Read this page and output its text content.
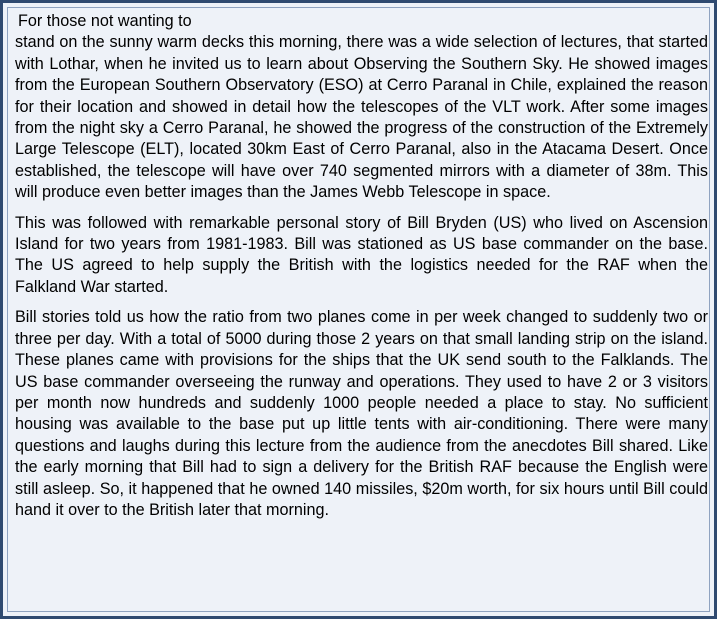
For those not wanting to

stand on the sunny warm decks this morning, there was a wide selection of lectures, that started with Lothar, when he invited us to learn about Observing the Southern Sky. He showed images from the European Southern Observatory (ESO) at Cerro Paranal in Chile, explained the reason for their location and showed in detail how the telescopes of the VLT work. After some images from the night sky a Cerro Paranal, he showed the progress of the construction of the Extremely Large Telescope (ELT), located 30km East of Cerro Paranal, also in the Atacama Desert. Once established, the telescope will have over 740 segmented mirrors with a diameter of 38m. This will produce even better images than the James Webb Telescope in space.

This was followed with remarkable personal story of Bill Bryden (US) who lived on Ascension Island for two years from 1981-1983. Bill was stationed as US base commander on the base. The US agreed to help supply the British with the logistics needed for the RAF when the Falkland War started.

Bill stories told us how the ratio from two planes come in per week changed to suddenly two or three per day. With a total of 5000 during those 2 years on that small landing strip on the island. These planes came with provisions for the ships that the UK send south to the Falklands. The US base commander overseeing the runway and operations. They used to have 2 or 3 visitors per month now hundreds and suddenly 1000 people needed a place to stay. No sufficient housing was available to the base put up little tents with air-conditioning. There were many questions and laughs during this lecture from the audience from the anecdotes Bill shared. Like the early morning that Bill had to sign a delivery for the British RAF because the English were still asleep. So, it happened that he owned 140 missiles, $20m worth, for six hours until Bill could hand it over to the British later that morning.
